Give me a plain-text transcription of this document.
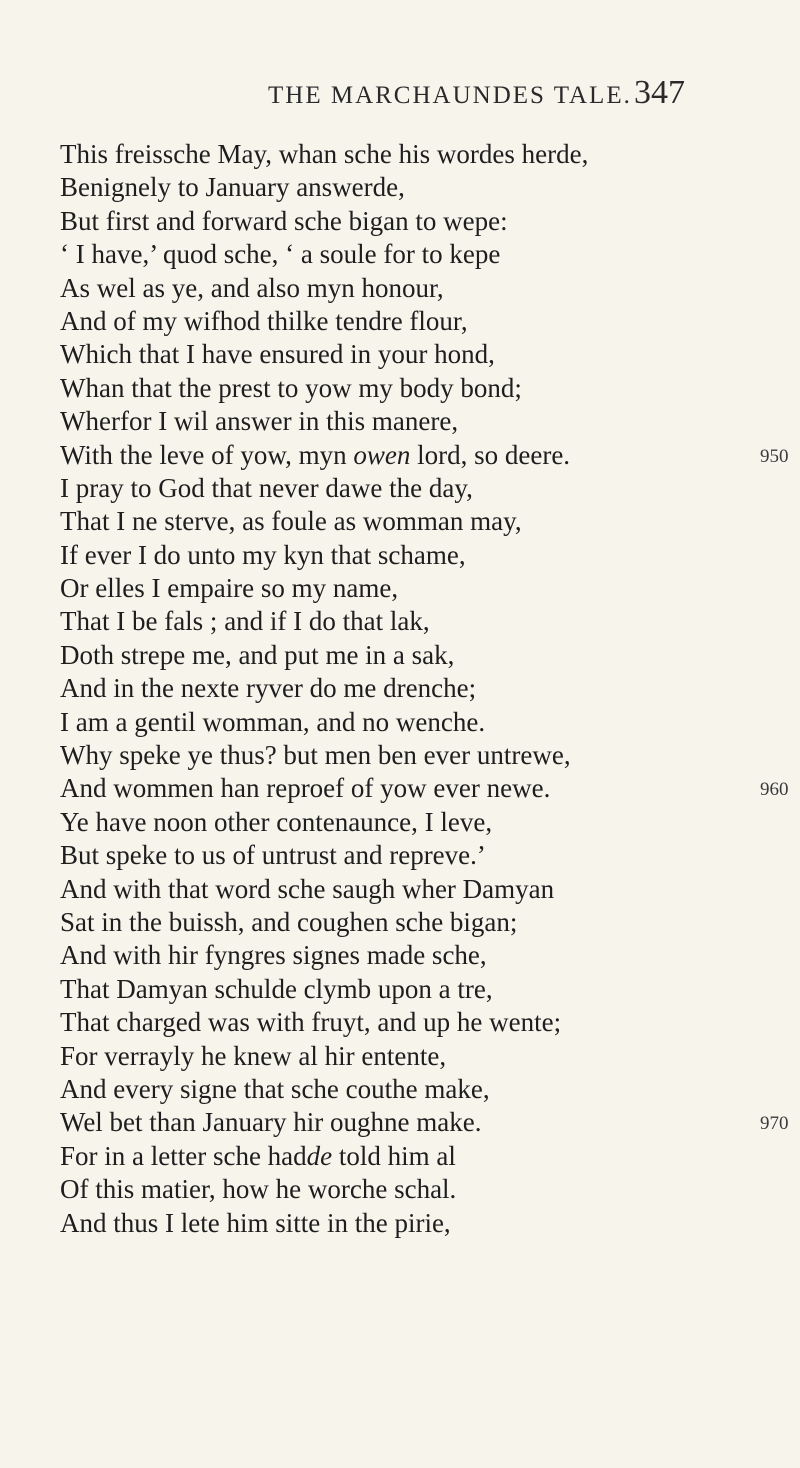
THE MARCHAUNDES TALE. 347
This freissche May, whan sche his wordes herde,
Benignely to January answerde,
But first and forward sche bigan to wepe:
‘ I have,’ quod sche, ‘ a soule for to kepe
As wel as ye, and also myn honour,
And of my wifhod thilke tendre flour,
Which that I have ensured in your hond,
Whan that the prest to yow my body bond;
Wherfor I wil answer in this manere,
With the leve of yow, myn owen lord, so deere.	950
I pray to God that never dawe the day,
That I ne sterve, as foule as womman may,
If ever I do unto my kyn that schame,
Or elles I empaire so my name,
That I be fals ; and if I do that lak,
Doth strepe me, and put me in a sak,
And in the nexte ryver do me drenche;
I am a gentil womman, and no wenche.
Why speke ye thus? but men ben ever untrewe,
And wommen han reproef of yow ever newe.	960
Ye have noon other contenaunce, I leve,
But speke to us of untrust and repreve.’
And with that word sche saugh wher Damyan
Sat in the buissh, and coughen sche bigan;
And with hir fyngres signes made sche,
That Damyan schulde clymb upon a tre,
That charged was with fruyt, and up he wente;
For verrayly he knew al hir entente,
And every signe that sche couthe make,
Wel bet than January hir oughne make.	970
For in a letter sche hadde told him al
Of this matier, how he worche schal.
And thus I lete him sitte in the pirie,
